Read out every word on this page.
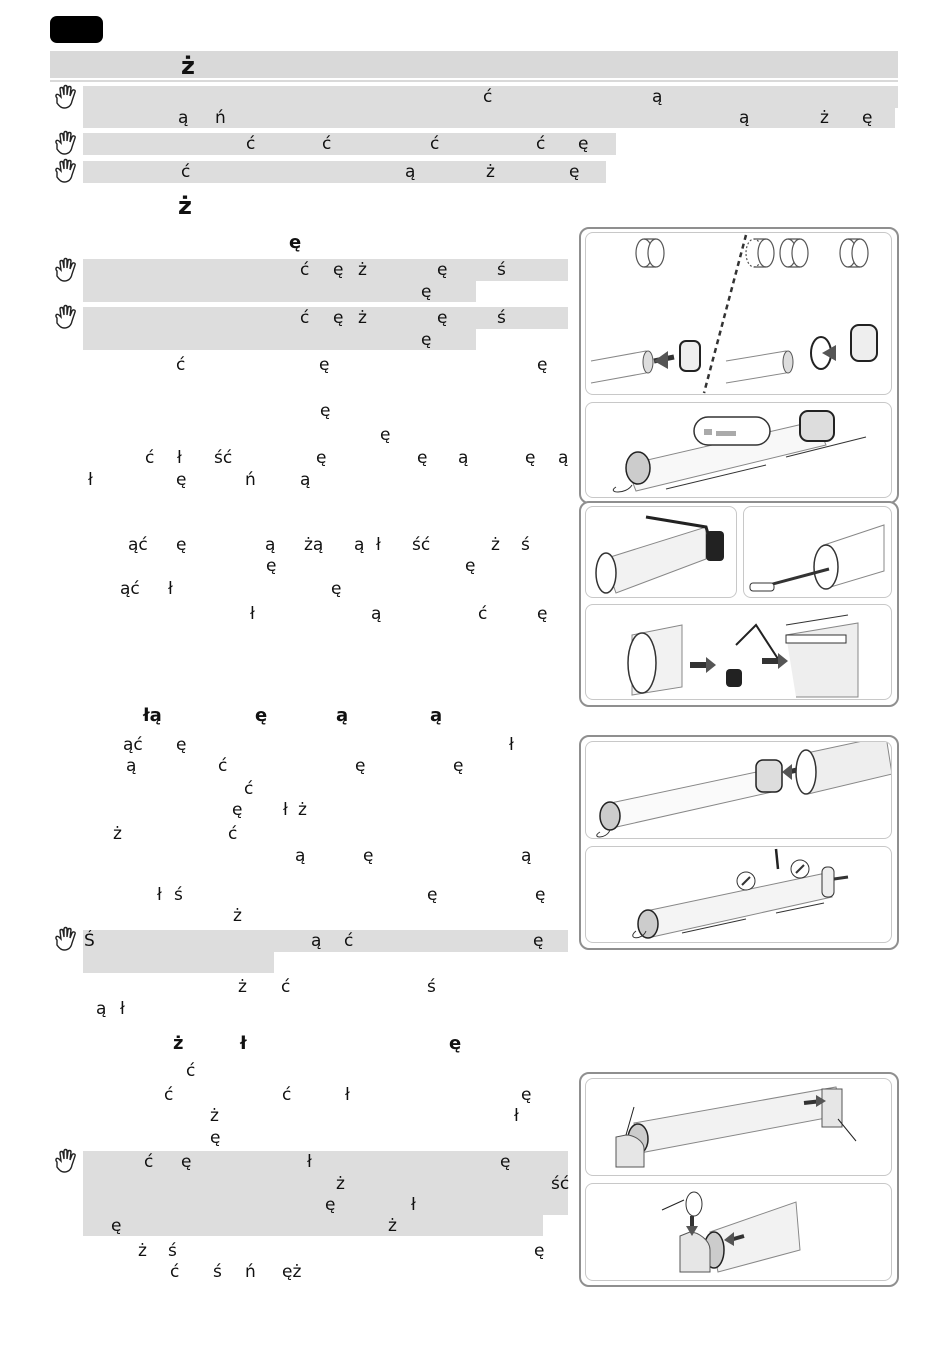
ż
ć	ą
ą ń	ą	ż ę
ć	ć	ć	ć ę
ć	ą	ż	ę
ż
ę
ć ę ż	ę	ś
ę
ć ę ż	ę	ś
ę
ć	ę	ę
ę
ę
ć ł ść	ę	ę ą	ę ą
ł	ę	ń	ą
ąć ę	ą żą ą ł ść	ż ś
ę	ę
ąć ł	ę
ł	ą	ć	ę
łą	ę	ą	ą
ąć ę	ł
ą	ć	ę	ę
ć
ę ł ż
ż	ć
ą	ę	ą
ł ś	ę	ę
ż
Ś	ą ć	ę
ż ć	ś
ą ł
ż	ł	ę
ć
ć	ć	ł	ę
ż	ł
ę
ć ę	ł	ę
ż	ść
ę	ł
ę	ż
ż ś	ę
ć ś ń ęż
